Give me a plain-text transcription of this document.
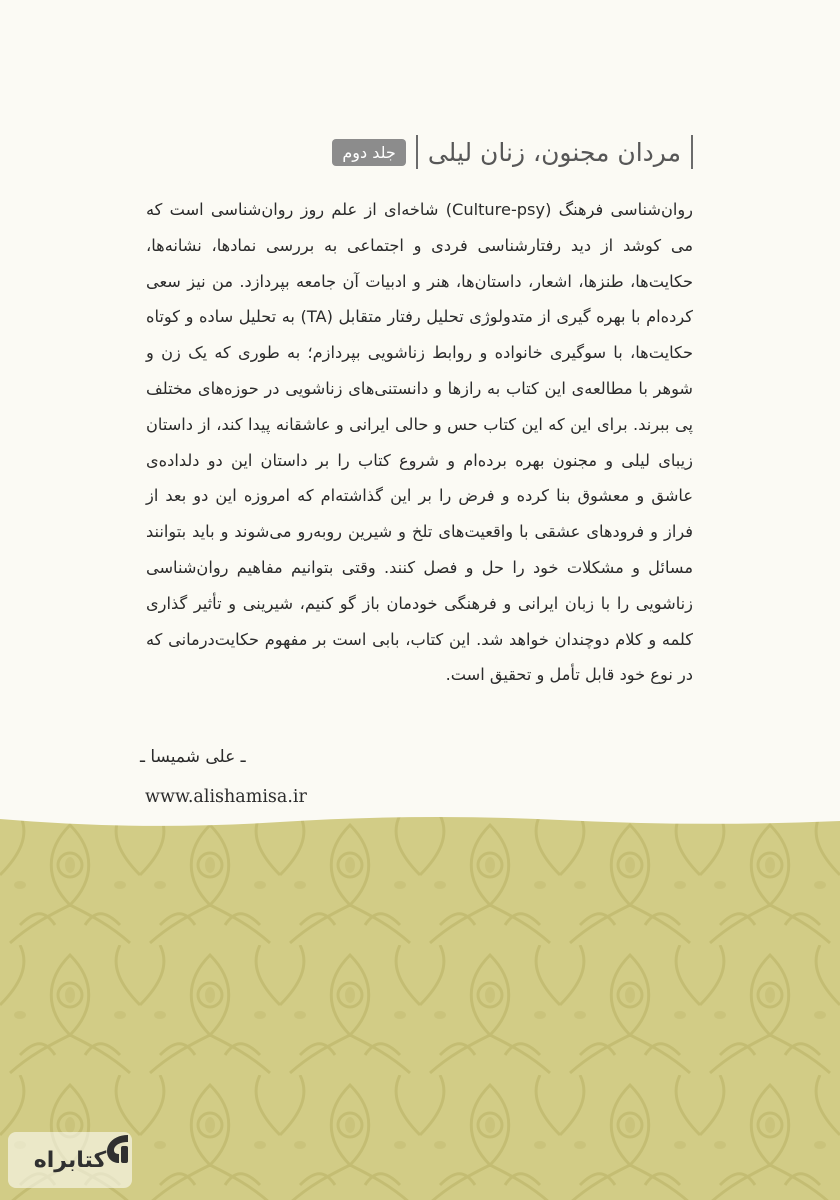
مردان مجنون، زنان لیلی
جلد دوم

روان‌شناسی فرهنگ (Culture-psy) شاخه‌ای از علم روز روان‌شناسی است که می کوشد از دید رفتارشناسی فردی و اجتماعی به بررسی نمادها، نشانه‌ها، حکایت‌ها، طنزها، اشعار، داستان‌ها، هنر و ادبیات آن جامعه بپردازد. من نیز سعی کرده‌ام با بهره گیری از متدولوژی تحلیل رفتار متقابل (TA) به تحلیل ساده و کوتاه حکایت‌ها، با سوگیری خانواده و روابط زناشویی بپردازم؛ به طوری که یک زن و شوهر با مطالعه‌ی این کتاب به رازها و دانستنی‌های زناشویی در حوزه‌های مختلف پی ببرند. برای این که این کتاب حس و حالی ایرانی و عاشقانه پیدا کند، از داستان زیبای لیلی و مجنون بهره برده‌ام و شروع کتاب را بر داستان این دو دلداده‌ی عاشق و معشوق بنا کرده و فرض را بر این گذاشته‌ام که امروزه این دو بعد از فراز و فرودهای عشقی با واقعیت‌های تلخ و شیرین روبه‌رو می‌شوند و باید بتوانند مسائل و مشکلات خود را حل و فصل کنند. وقتی بتوانیم مفاهیم روان‌شناسی زناشویی را با زبان ایرانی و فرهنگی خودمان باز گو کنیم، شیرینی و تأثیر گذاری کلمه و کلام دوچندان خواهد شد. این کتاب، بابی است بر مفهوم حکایت‌درمانی که در نوع خود قابل تأمل و تحقیق است.

ـ علی شمیسا ـ
www.alishamisa.ir
کتابراه
